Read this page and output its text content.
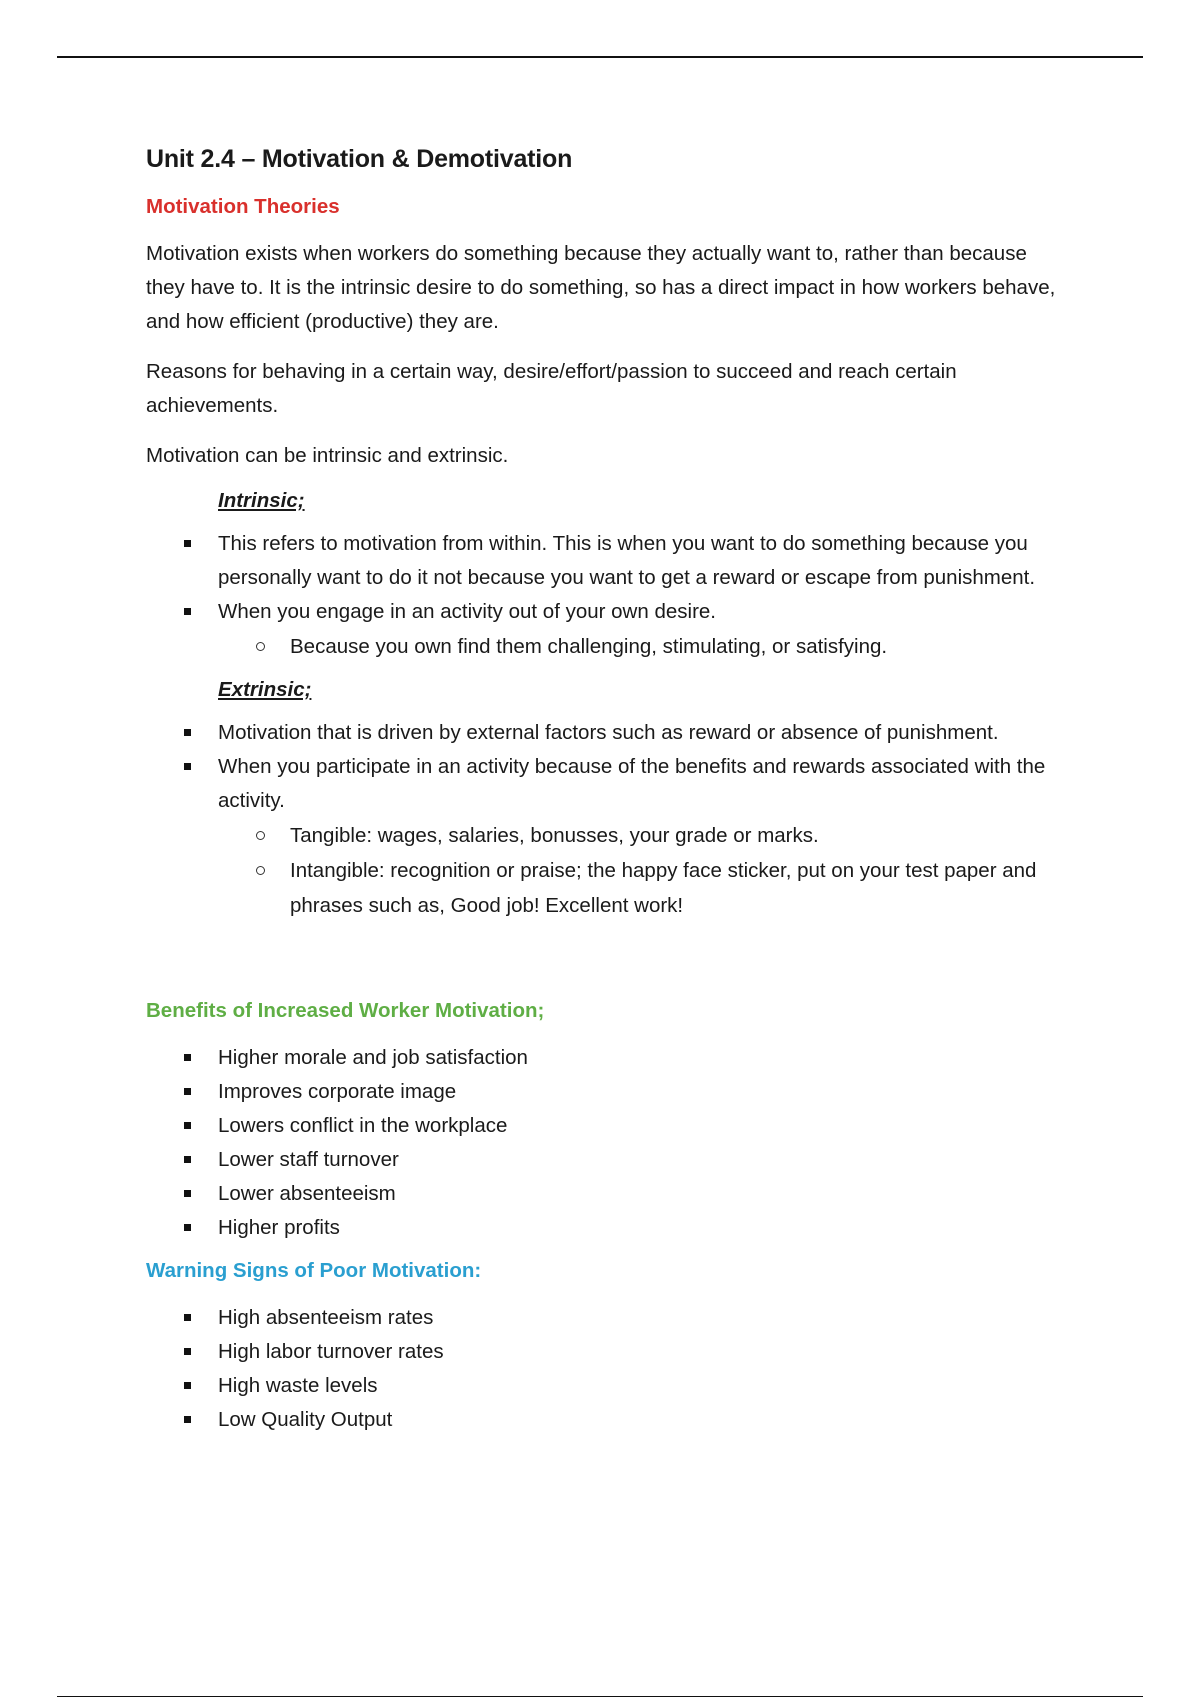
Unit 2.4 – Motivation & Demotivation
Motivation Theories

Motivation exists when workers do something because they actually want to, rather than because they have to. It is the intrinsic desire to do something, so has a direct impact in how workers behave, and how efficient (productive) they are.

Reasons for behaving in a certain way, desire/effort/passion to succeed and reach certain achievements.

Motivation can be intrinsic and extrinsic.

Intrinsic;
This refers to motivation from within. This is when you want to do something because you personally want to do it not because you want to get a reward or escape from punishment.
When you engage in an activity out of your own desire.
Because you own find them challenging, stimulating, or satisfying.
Extrinsic;
Motivation that is driven by external factors such as reward or absence of punishment.
When you participate in an activity because of the benefits and rewards associated with the activity.
Tangible: wages, salaries, bonusses, your grade or marks.
Intangible: recognition or praise; the happy face sticker, put on your test paper and phrases such as, Good job! Excellent work!
Benefits of Increased Worker Motivation;
Higher morale and job satisfaction
Improves corporate image
Lowers conflict in the workplace
Lower staff turnover
Lower absenteeism
Higher profits
Warning Signs of Poor Motivation:
High absenteeism rates
High labor turnover rates
High waste levels
Low Quality Output
